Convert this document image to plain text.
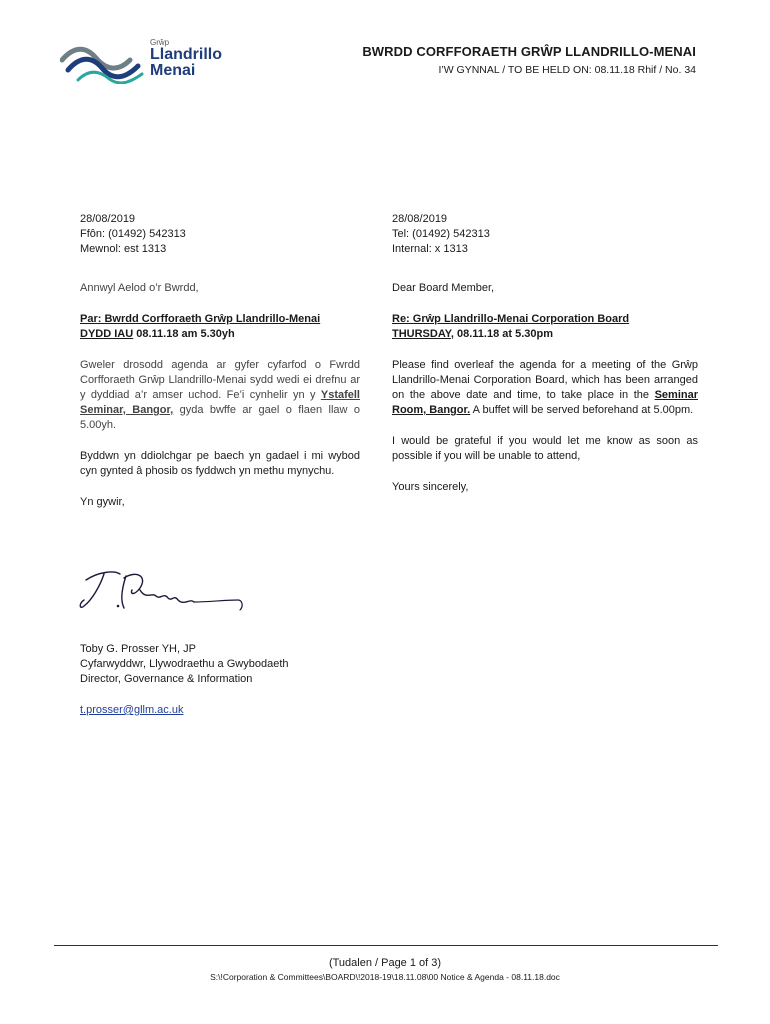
Grŵp
Llandrillo
Menai
BWRDD CORFFORAETH GRŴP LLANDRILLO-MENAI
I’W GYNNAL / TO BE HELD ON: 08.11.18 Rhif / No. 34
28/08/2019
Ffôn: (01492) 542313
Mewnol: est 1313
Annwyl Aelod o’r Bwrdd,
Par: Bwrdd Corfforaeth Grŵp Llandrillo-Menai
DYDD IAU 08.11.18 am 5.30yh
Gweler drosodd agenda ar gyfer cyfarfod o Fwrdd Corfforaeth Grŵp Llandrillo-Menai sydd wedi ei drefnu ar y dyddiad a’r amser uchod. Fe’i cynhelir yn y Ystafell Seminar, Bangor, gyda bwffe ar gael o flaen llaw o 5.00yh.
Byddwn yn ddiolchgar pe baech yn gadael i mi wybod cyn gynted â phosib os fyddwch yn methu mynychu.
Yn gywir,
28/08/2019
Tel: (01492) 542313
Internal: x 1313
Dear Board Member,
Re: Grŵp Llandrillo-Menai Corporation Board
THURSDAY, 08.11.18 at 5.30pm
Please find overleaf the agenda for a meeting of the Grŵp Llandrillo-Menai Corporation Board, which has been arranged on the above date and time, to take place in the Seminar Room, Bangor. A buffet will be served beforehand at 5.00pm.
I would be grateful if you would let me know as soon as possible if you will be unable to attend,
Yours sincerely,
Toby G. Prosser YH, JP
Cyfarwyddwr, Llywodraethu a Gwybodaeth
Director, Governance & Information
t.prosser@gllm.ac.uk
(Tudalen / Page 1 of 3)
S:\!Corporation & Committees\BOARD\!2018-19\18.11.08\00 Notice & Agenda - 08.11.18.doc
